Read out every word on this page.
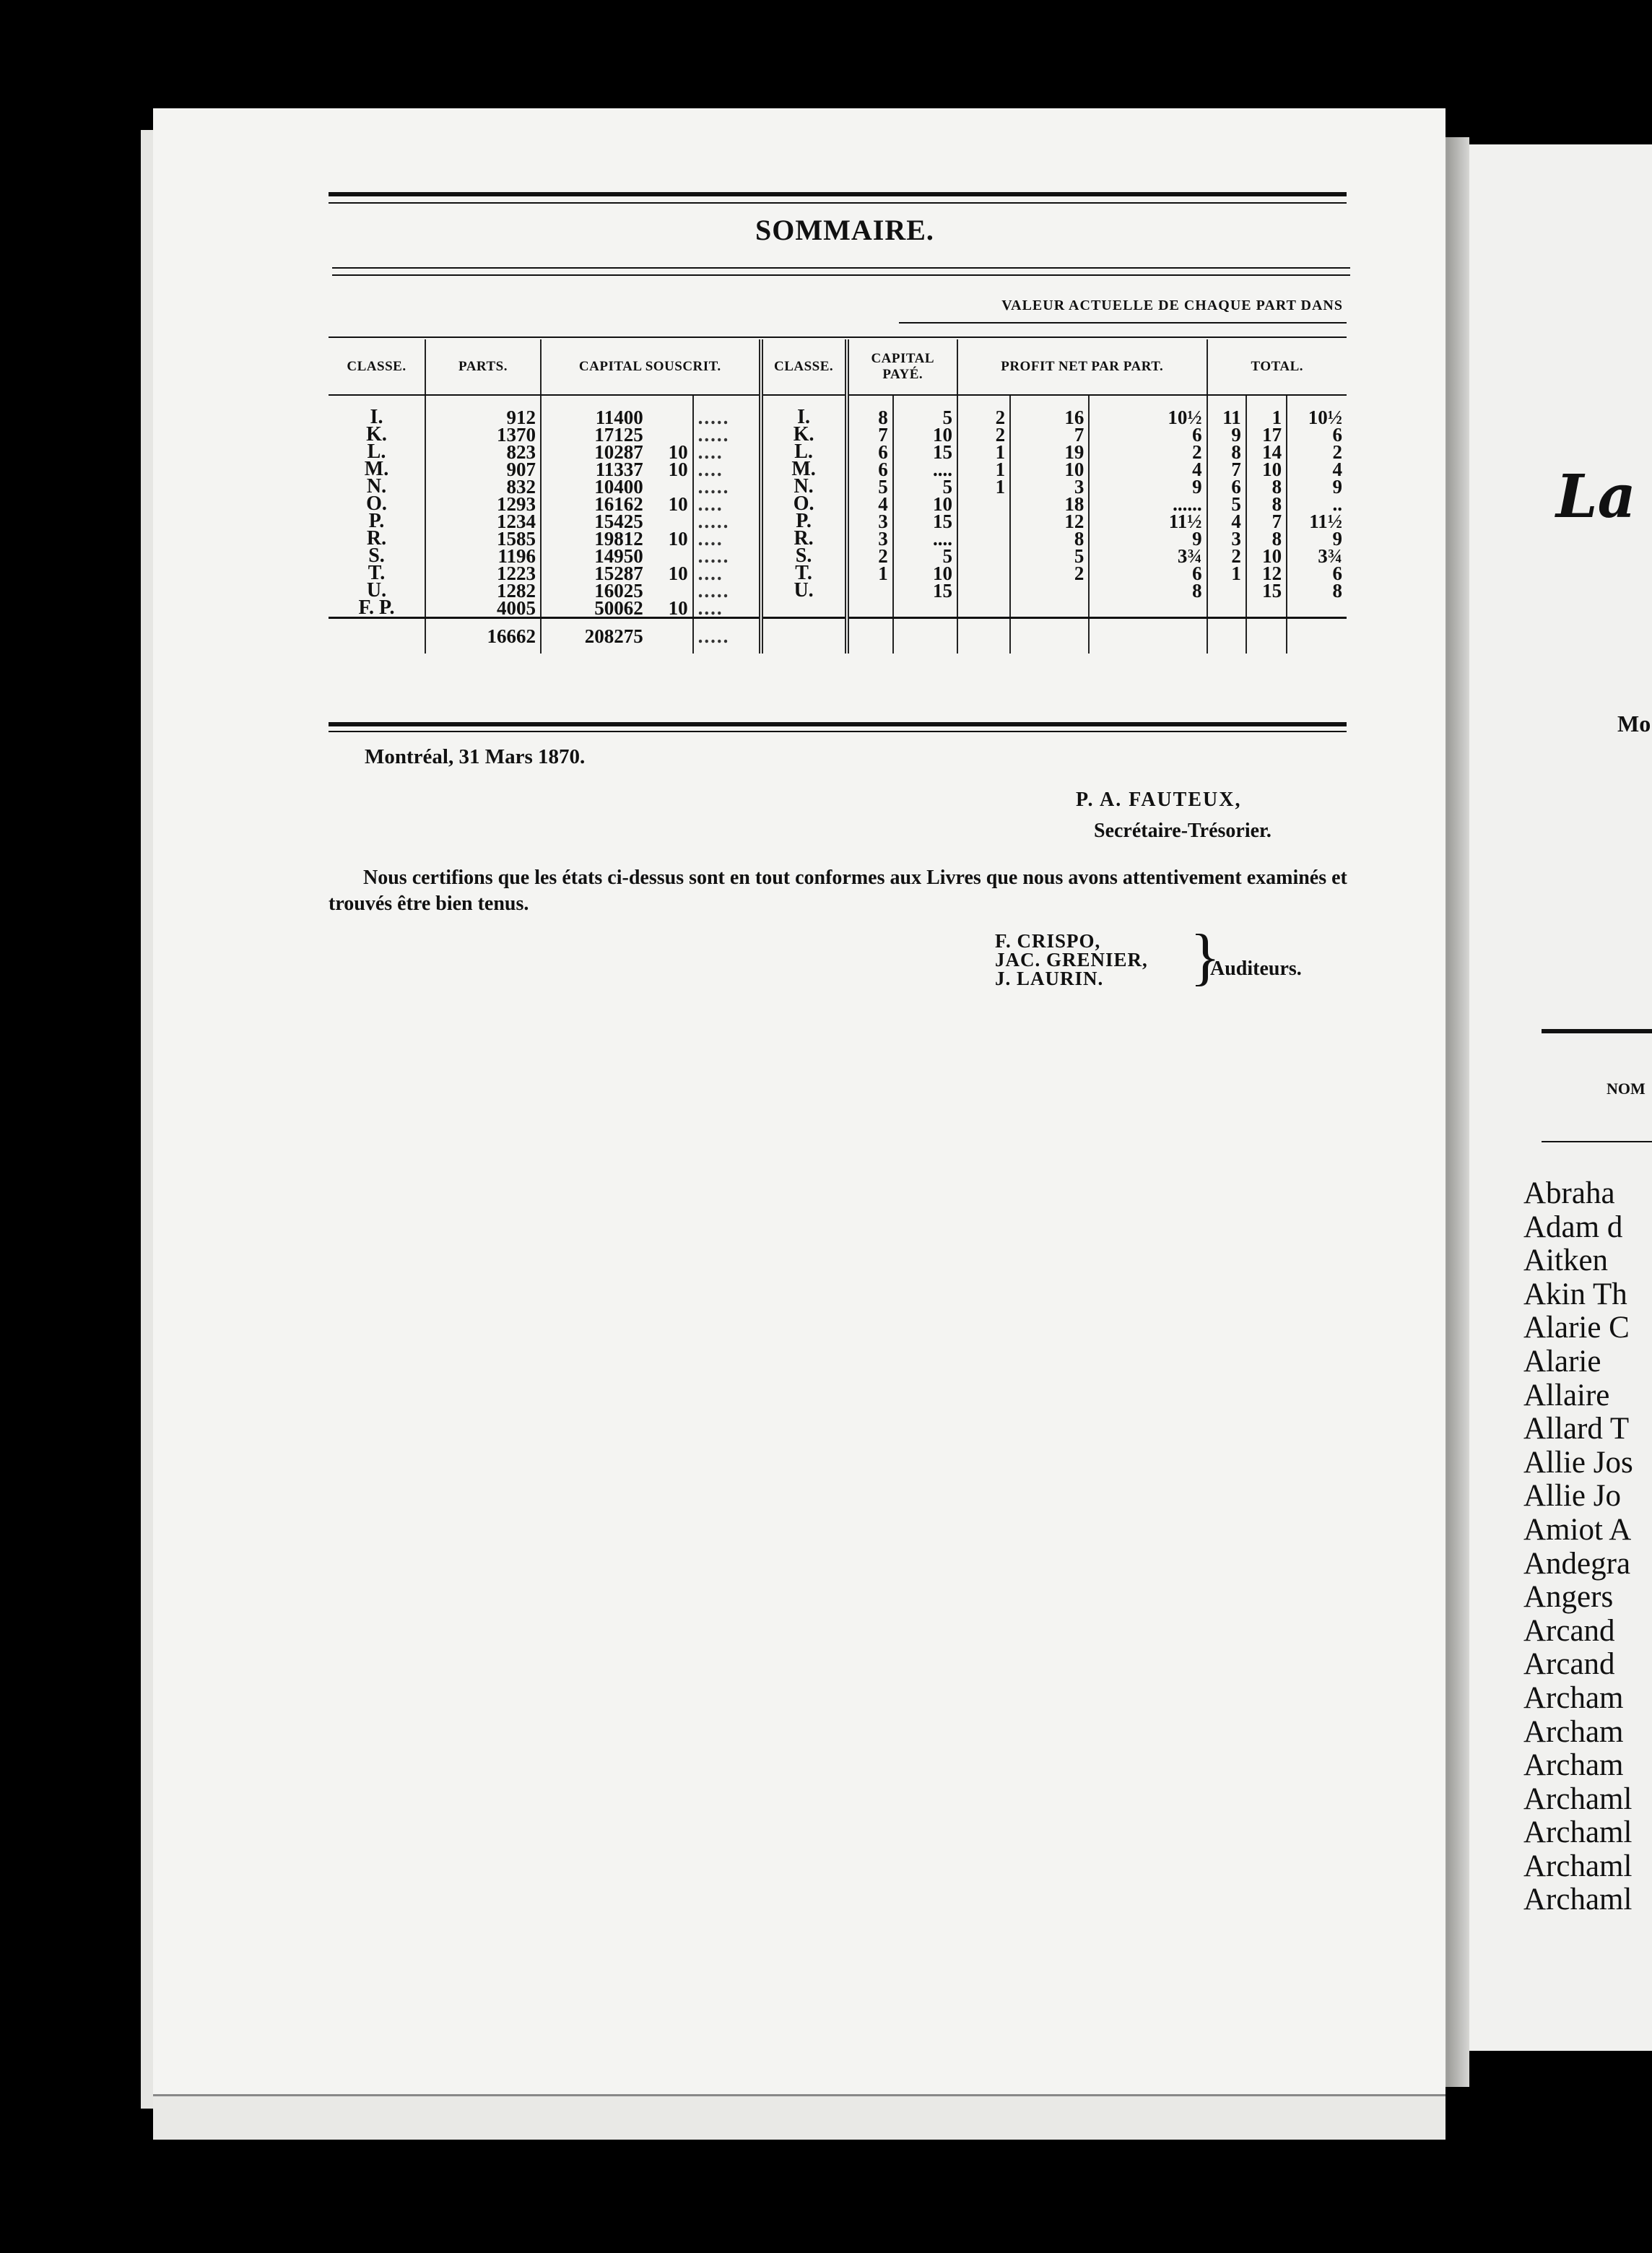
SOMMAIRE.
VALEUR ACTUELLE DE CHAQUE PART DANS
CLASSE.	PARTS.	CAPITAL SOUSCRIT.			CLASSE.	CAPITAL PAYÉ.		PROFIT NET PAR PART.			TOTAL.		
I.	912	11400		.....	I.	8	5	2	16	10½	11	1	10½
K.	1370	17125		.....	K.	7	10	2	7	6	9	17	6
L.	823	10287	10	....	L.	6	15	1	19	2	8	14	2
M.	907	11337	10	....	M.	6	....	1	10	4	7	10	4
N.	832	10400		.....	N.	5	5	1	3	9	6	8	9
O.	1293	16162	10	....	O.	4	10		18	......	5	8	..
P.	1234	15425		.....	P.	3	15		12	11½	4	7	11½
R.	1585	19812	10	....	R.	3	....		8	9	3	8	9
S.	1196	14950		.....	S.	2	5		5	3¾	2	10	3¾
T.	1223	15287	10	....	T.	1	10		2	6	1	12	6
U.	1282	16025		.....	U.		15			8		15	8
F. P.	4005	50062	10	....									
	16662	208275		.....									
Montréal, 31 Mars 1870.
P. A. FAUTEUX,
Secrétaire-Trésorier.
Nous certifions que les états ci-dessus sont en tout conformes aux Livres que nous avons attentivement examinés et trouvés être bien tenus.
F. CRISPO,
JAC. GRENIER,
J. LAURIN.	}
Auditeurs.
La
Mo
NOM
Abraha
Adam d
Aitken
Akin Th
Alarie C
Alarie
Allaire
Allard T
Allie Jos
Allie Jo
Amiot A
Andegra
Angers
Arcand
Arcand
Archam
Archam
Archam
Archaml
Archaml
Archaml
Archaml
